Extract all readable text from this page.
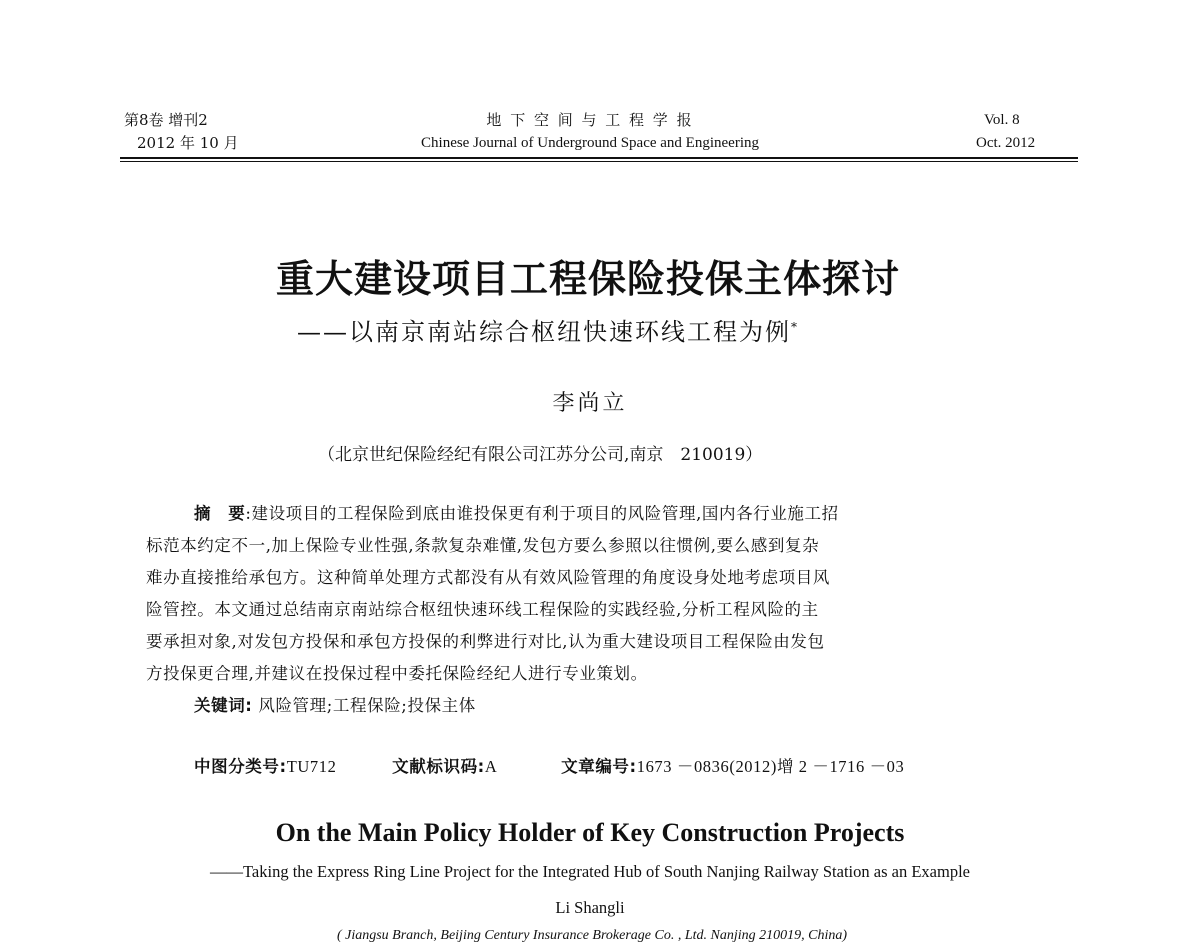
第8卷 增刊2
2012 年 10 月
地 下 空 间 与 工 程 学 报
Chinese Journal of Underground Space and Engineering
Vol. 8
Oct. 2012
重大建设项目工程保险投保主体探讨
——以南京南站综合枢纽快速环线工程为例*
李尚立
（北京世纪保险经纪有限公司江苏分公司,南京　210019）
摘　要:建设项目的工程保险到底由谁投保更有利于项目的风险管理,国内各行业施工招
标范本约定不一,加上保险专业性强,条款复杂难懂,发包方要么参照以往惯例,要么感到复杂
难办直接推给承包方。这种简单处理方式都没有从有效风险管理的角度设身处地考虑项目风
险管控。本文通过总结南京南站综合枢纽快速环线工程保险的实践经验,分析工程风险的主
要承担对象,对发包方投保和承包方投保的利弊进行对比,认为重大建设项目工程保险由发包
方投保更合理,并建议在投保过程中委托保险经纪人进行专业策划。
关键词: 风险管理;工程保险;投保主体
中图分类号:TU712	文献标识码:A	文章编号:1673 －0836(2012)增 2 －1716 －03
On the Main Policy Holder of Key Construction Projects
——Taking the Express Ring Line Project for the Integrated Hub of South Nanjing Railway Station as an Example
Li Shangli
( Jiangsu Branch, Beijing Century Insurance Brokerage Co. , Ltd. Nanjing 210019, China)
